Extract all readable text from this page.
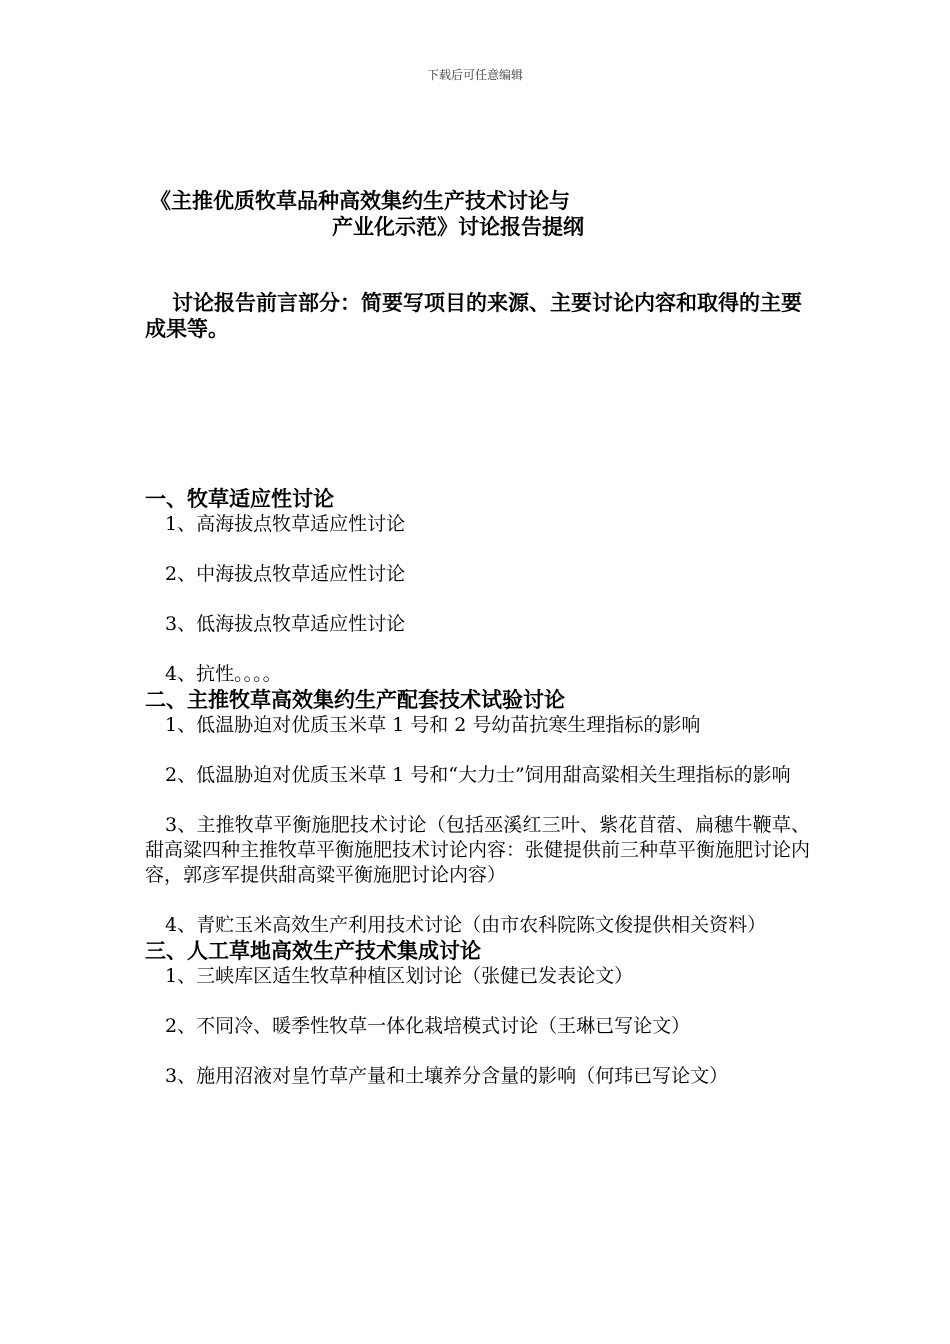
下载后可任意编辑
《主推优质牧草品种高效集约生产技术讨论与
产业化示范》讨论报告提纲
讨论报告前言部分：简要写项目的来源、主要讨论内容和取得的主要成果等。

一、牧草适应性讨论

1、高海拔点牧草适应性讨论

2、中海拔点牧草适应性讨论

3、低海拔点牧草适应性讨论

4、抗性。。。。

二、主推牧草高效集约生产配套技术试验讨论

1、低温胁迫对优质玉米草 1 号和 2 号幼苗抗寒生理指标的影响

2、低温胁迫对优质玉米草 1 号和“大力士”饲用甜高粱相关生理指标的影响

3、主推牧草平衡施肥技术讨论（包括巫溪红三叶、紫花苜蓿、扁穗牛鞭草、甜高粱四种主推牧草平衡施肥技术讨论内容：张健提供前三种草平衡施肥讨论内容，郭彦军提供甜高粱平衡施肥讨论内容）

4、青贮玉米高效生产利用技术讨论（由市农科院陈文俊提供相关资料）

三、人工草地高效生产技术集成讨论

1、三峡库区适生牧草种植区划讨论（张健已发表论文）

2、不同冷、暖季性牧草一体化栽培模式讨论（王琳已写论文）

3、施用沼液对皇竹草产量和土壤养分含量的影响（何玮已写论文）
